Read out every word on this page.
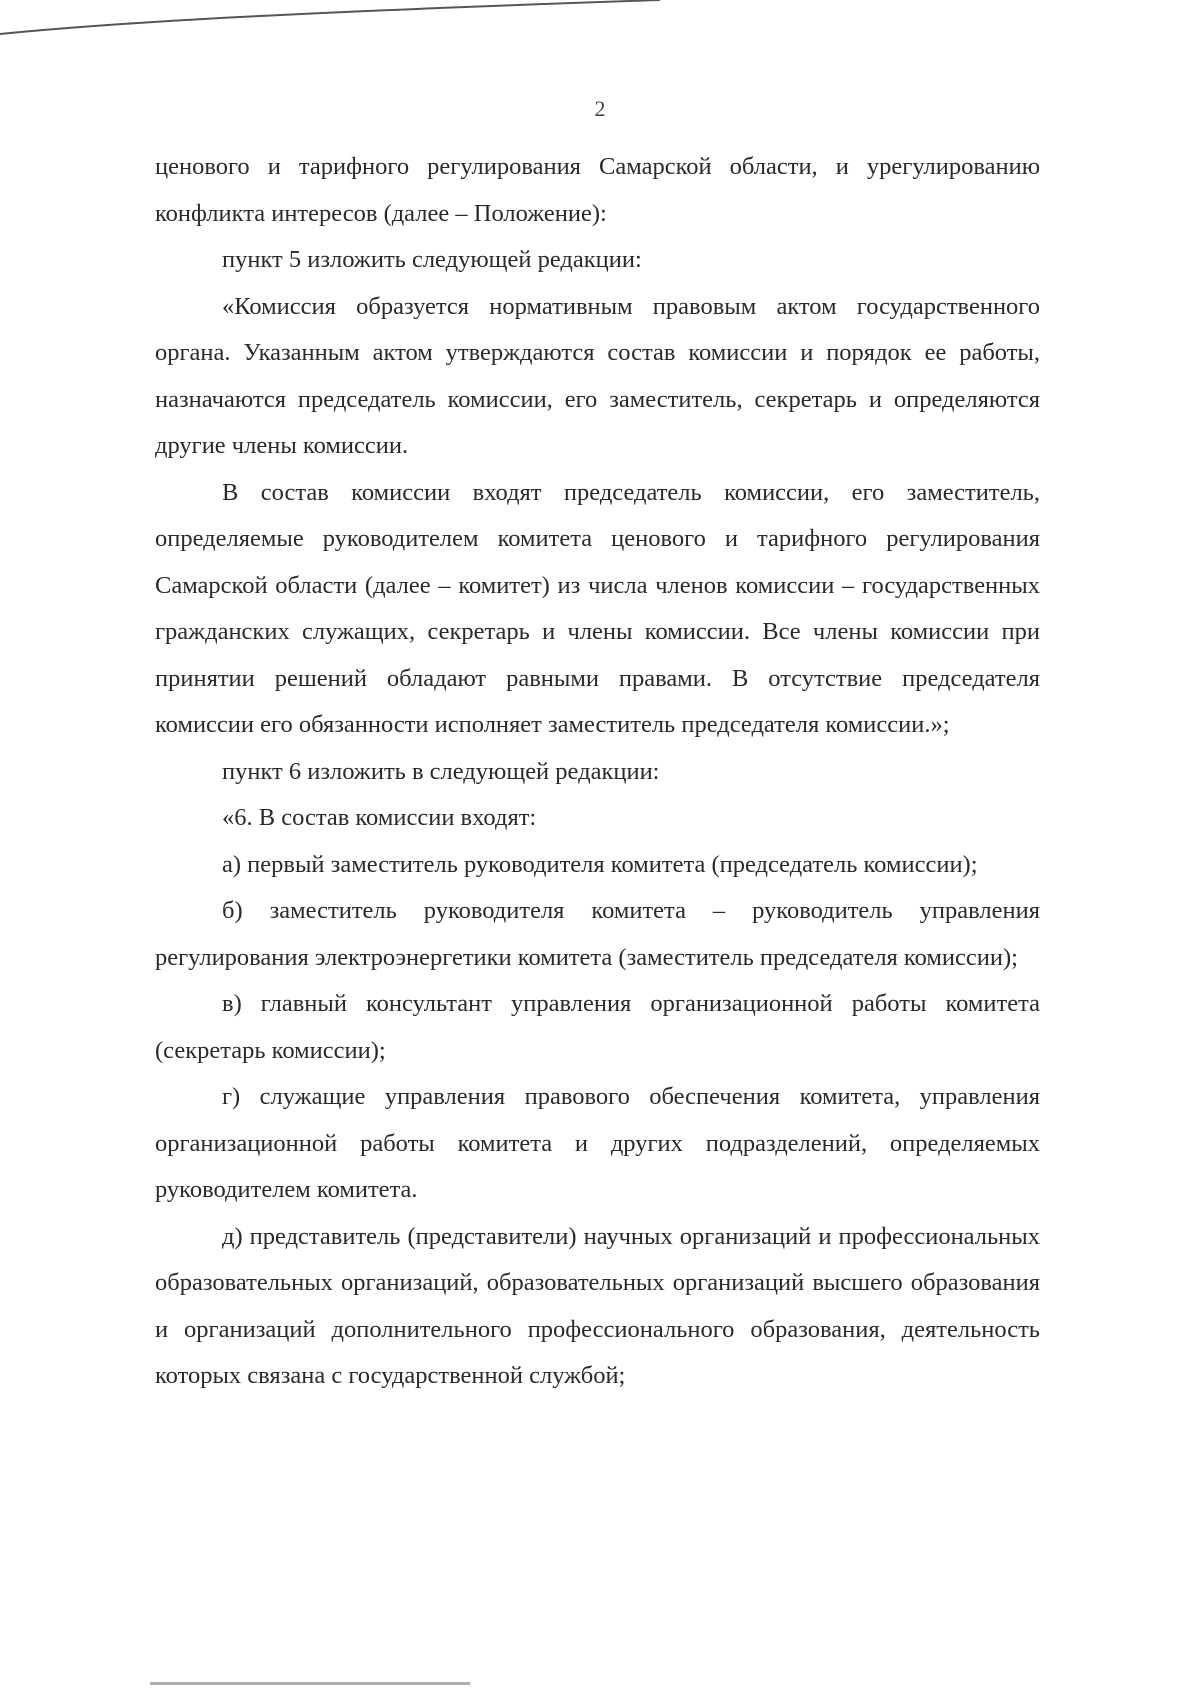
2

ценового и тарифного регулирования Самарской области, и урегулированию конфликта интересов (далее – Положение):

пункт 5 изложить следующей редакции:

«Комиссия образуется нормативным правовым актом государственного органа. Указанным актом утверждаются состав комиссии и порядок ее работы, назначаются председатель комиссии, его заместитель, секретарь и определяются другие члены комиссии.

В состав комиссии входят председатель комиссии, его заместитель, определяемые руководителем комитета ценового и тарифного регулирования Самарской области (далее – комитет) из числа членов комиссии – государственных гражданских служащих, секретарь и члены комиссии. Все члены комиссии при принятии решений обладают равными правами. В отсутствие председателя комиссии его обязанности исполняет заместитель председателя комиссии.»;

пункт 6 изложить в следующей редакции:

«6. В состав комиссии входят:

а) первый заместитель руководителя комитета (председатель комиссии);

б) заместитель руководителя комитета – руководитель управления регулирования электроэнергетики комитета (заместитель председателя комиссии);

в) главный консультант управления организационной работы комитета (секретарь комиссии);

г) служащие управления правового обеспечения комитета, управления организационной работы комитета и других подразделений, определяемых руководителем комитета.

д) представитель (представители) научных организаций и профессиональных образовательных организаций, образовательных организаций высшего образования и организаций дополнительного профессионального образования, деятельность которых связана с государственной службой;
